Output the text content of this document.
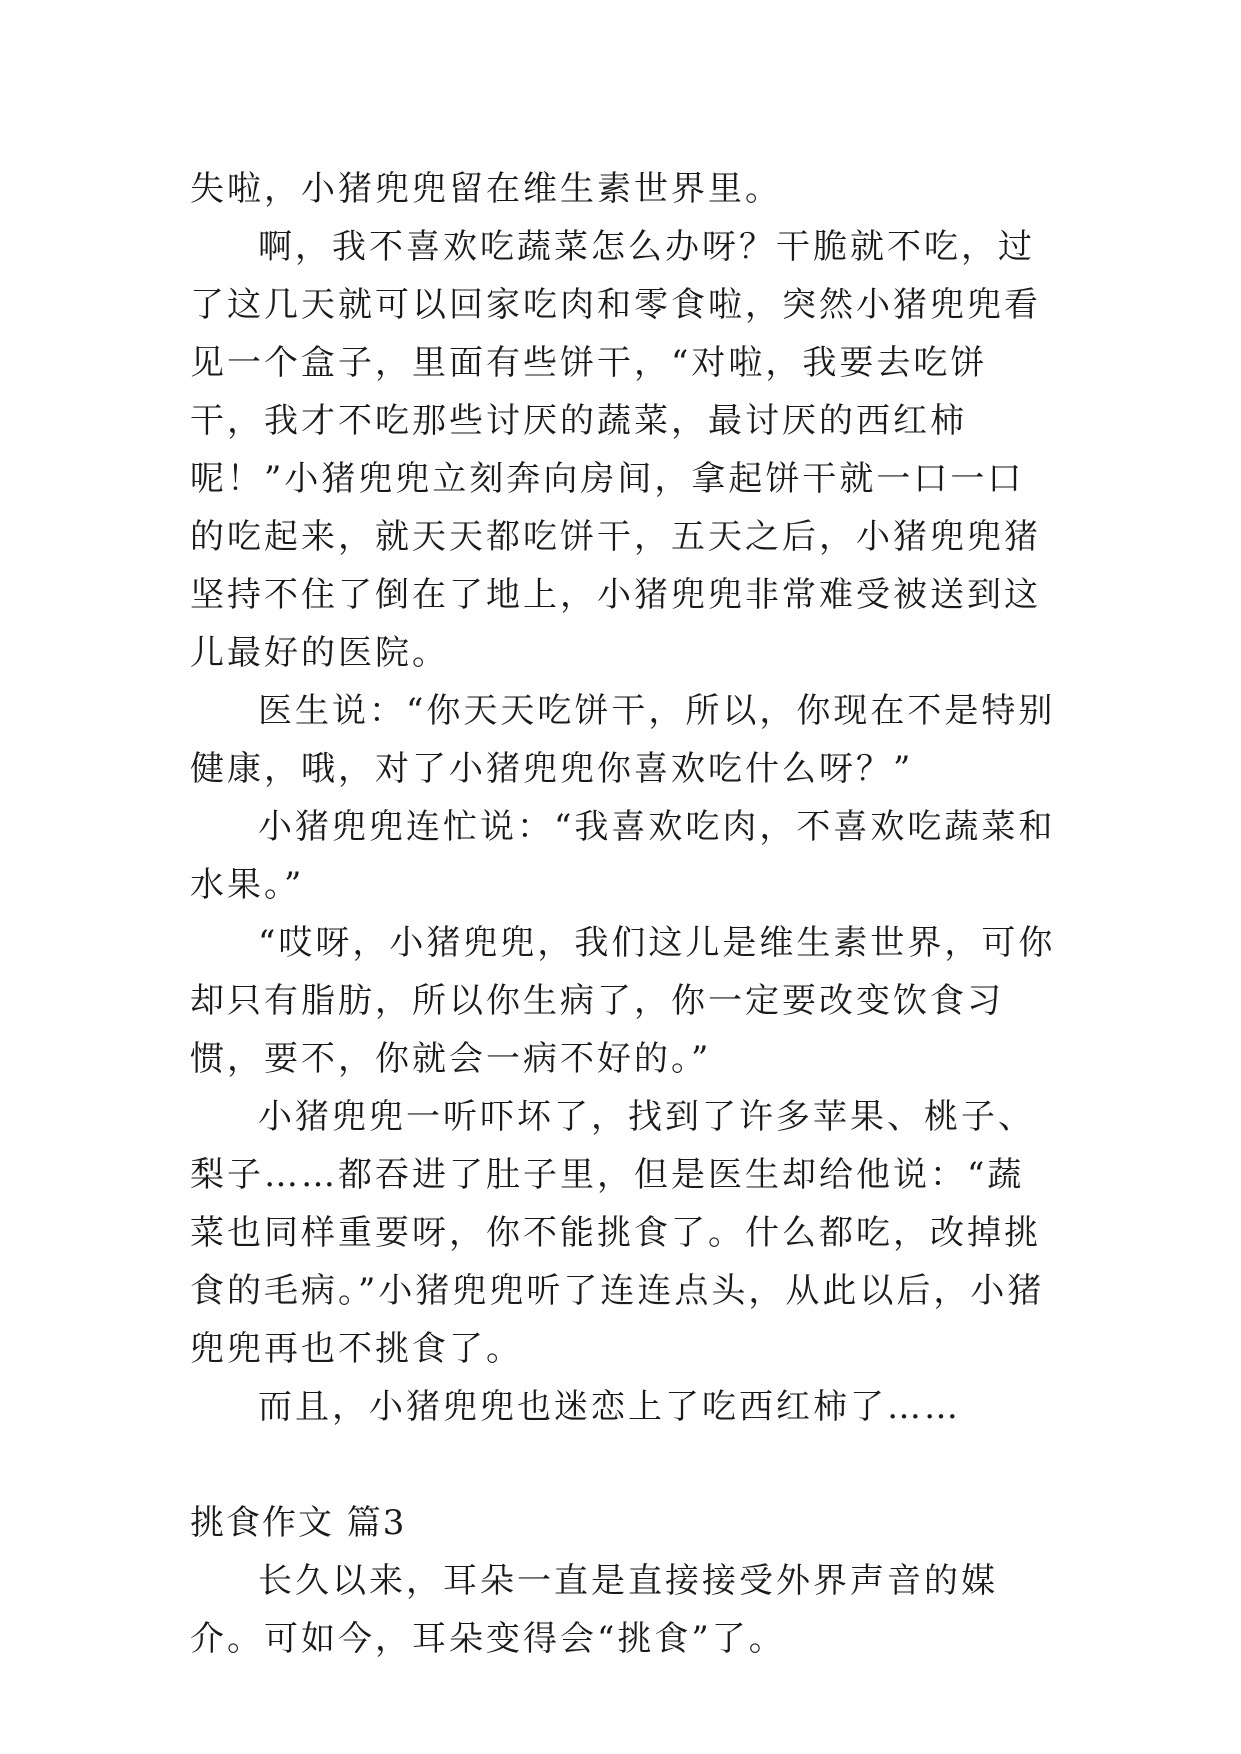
失啦，小猪兜兜留在维生素世界里。

啊，我不喜欢吃蔬菜怎么办呀？干脆就不吃，过了这几天就可以回家吃肉和零食啦，突然小猪兜兜看见一个盒子，里面有些饼干，“对啦，我要去吃饼干，我才不吃那些讨厌的蔬菜，最讨厌的西红柿呢！”小猪兜兜立刻奔向房间，拿起饼干就一口一口的吃起来，就天天都吃饼干，五天之后，小猪兜兜猪坚持不住了倒在了地上，小猪兜兜非常难受被送到这儿最好的医院。

医生说：“你天天吃饼干，所以，你现在不是特别健康，哦，对了小猪兜兜你喜欢吃什么呀？”

小猪兜兜连忙说：“我喜欢吃肉，不喜欢吃蔬菜和水果。”

“哎呀，小猪兜兜，我们这儿是维生素世界，可你却只有脂肪，所以你生病了，你一定要改变饮食习惯，要不，你就会一病不好的。”

小猪兜兜一听吓坏了，找到了许多苹果、桃子、梨子……都吞进了肚子里，但是医生却给他说：“蔬菜也同样重要呀，你不能挑食了。什么都吃，改掉挑食的毛病。”小猪兜兜听了连连点头，从此以后，小猪兜兜再也不挑食了。

而且，小猪兜兜也迷恋上了吃西红柿了……

挑食作文 篇3

长久以来，耳朵一直是直接接受外界声音的媒介。可如今，耳朵变得会“挑食”了。
